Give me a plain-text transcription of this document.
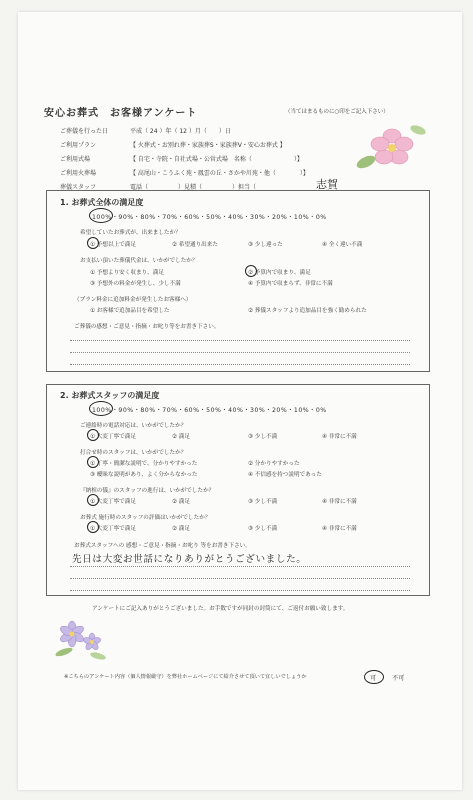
安心お葬式　お客様アンケート	（当てはまるものに○印をご記入下さい）
ご葬儀を行った日	平成（ 24 ）年（ 12 ）月（　　）日
ご利用プラン	【 火葬式・お別れ葬・家族葬S・家族葬V・安心お葬式 】
ご利用式場	【 自宅・寺院・自社式場・公営式場　名称（　　　　　　　）】
ご利用火葬場	【 高尾山・こうふく苑・鳳雲の丘・さかや川苑・他（　　　　）】
葬儀スタッフ	電話（　　　　　）見積（　　　　　）担当（	志賀
1. お葬式全体の満足度
100%・90%・80%・70%・60%・50%・40%・30%・20%・10%・0%
希望していたお葬式が、出来ましたか？
① 予想以上で満足	② 希望通り出来た	③ 少し違った	④ 全く違い不満
お支払い頂いた葬儀代金は、いかがでしたか？
① 予想より安く収まり、満足	② 予算内で収まり、満足
③ 予想外の料金が発生し、少し不満	④ 予算内で収まらず、非常に不満
（プラン料金に追加料金が発生したお客様へ）
① お客様で追加品目を希望した	② 葬儀スタッフより追加品目を強く勧められた
ご葬儀の感想・ご意見・指摘・お叱り等をお書き下さい。
2. お葬式スタッフの満足度
100%・90%・80%・70%・60%・50%・40%・30%・20%・10%・0%
ご連絡時の電話対応は、いかがでしたか？
① 大変丁寧で満足	② 満足	③ 少し不満	④ 非常に不満
打合せ時のスタッフは、いかがでしたか？
① 丁寧・簡潔な説明で、分かりやすかった	② 分かりやすかった
③ 曖昧な説明があり、よく分からなかった	④ 不信感を持つ説明であった
『納棺の儀』のスタッフの進行は、いかがでしたか？
① 大変丁寧で満足	② 満足	③ 少し不満	④ 非常に不満
お葬式 施行時のスタッフの評価はいかがでしたか？
① 大変丁寧で満足	② 満足	③ 少し不満	④ 非常に不満
お葬式スタッフへの 感想・ご意見・指摘・お叱り 等をお書き下さい。
先日は大変お世話になりありがとうございました。
アンケートにご記入ありがとうございました。お手数ですが同封の封筒にて、ご返付お願い致します。
※こちらのアンケート内容（個人情報厳守）を弊社ホームページにて紹介させて頂いて宜しいでしょうか	可	不可
